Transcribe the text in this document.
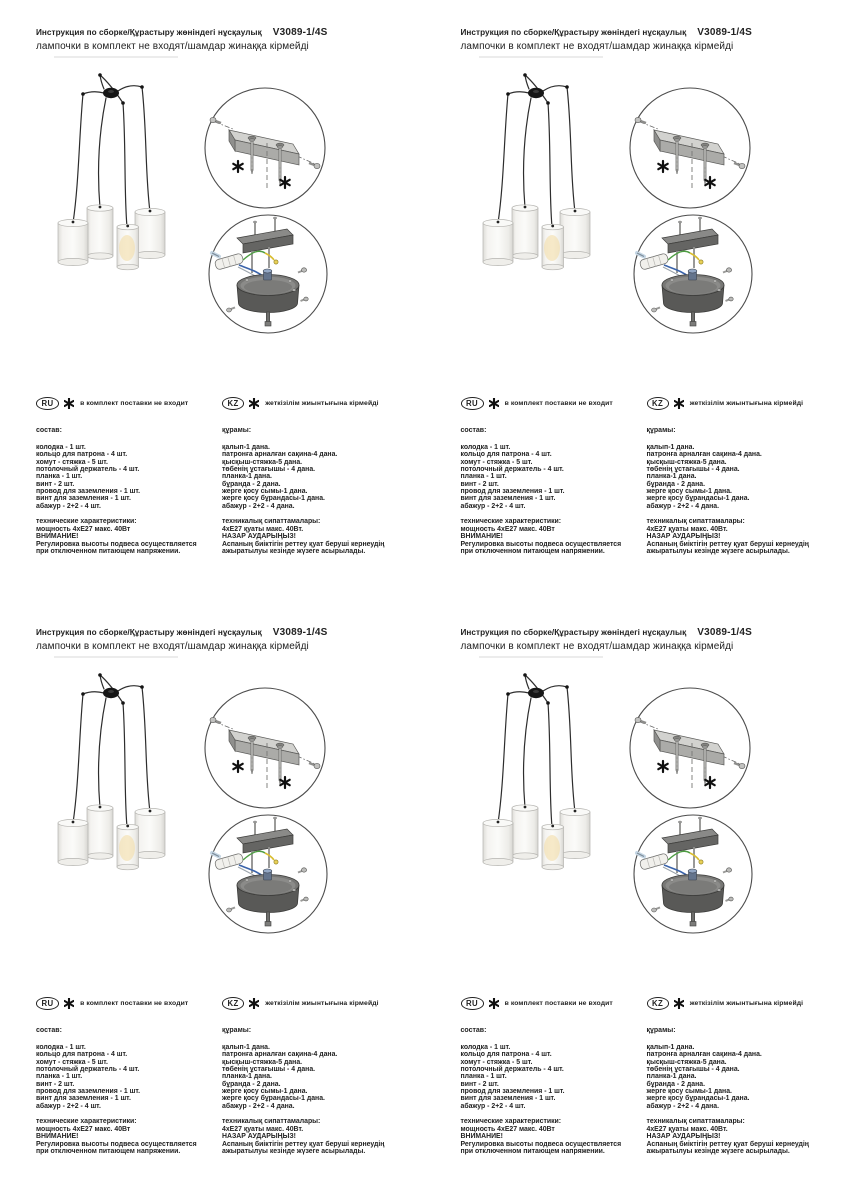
Инструкция по сборке/Құрастыру жөніндегі нұсқаулық V3089-1/4S
лампочки в комплект не входят/шамдар жинаққа кірмейді
RU	в комплект поставки не входит
состав:
колодка - 1 шт.
кольцо для патрона - 4 шт.
хомут - стяжка - 5 шт.
потолочный держатель - 4 шт.
планка - 1 шт.
винт - 2 шт.
провод для заземления - 1 шт.
винт для заземления - 1 шт.
абажур - 2+2 - 4 шт.
технические характеристики:
мощность 4хЕ27 макс. 40Вт
ВНИМАНИЕ!
Регулировка высоты подвеса осуществляется
при отключенном питающем напряжении.
KZ	жеткізілім жиынтығына кірмейді
құрамы:
қалып-1 дана.
патронға арналған сақина-4 дана.
қысқыш-стяжка-5 дана.
төбенің ұстағышы - 4 дана.
планка-1 дана.
бұранда - 2 дана.
жерге қосу сымы-1 дана.
жерге қосу бұрандасы-1 дана.
абажур - 2+2 - 4 дана.
техникалық сипаттамалары:
4хЕ27 қуаты макс. 40Вт.
НАЗАР АУДАРЫҢЫЗ!
Аспаның биіктігін реттеу қуат беруші кернеудің
ажыратылуы кезінде жүзеге асырылады.
Инструкция по сборке/Құрастыру жөніндегі нұсқаулық V3089-1/4S
лампочки в комплект не входят/шамдар жинаққа кірмейді
RU	в комплект поставки не входит
состав:
колодка - 1 шт.
кольцо для патрона - 4 шт.
хомут - стяжка - 5 шт.
потолочный держатель - 4 шт.
планка - 1 шт.
винт - 2 шт.
провод для заземления - 1 шт.
винт для заземления - 1 шт.
абажур - 2+2 - 4 шт.
технические характеристики:
мощность 4хЕ27 макс. 40Вт
ВНИМАНИЕ!
Регулировка высоты подвеса осуществляется
при отключенном питающем напряжении.
KZ	жеткізілім жиынтығына кірмейді
құрамы:
қалып-1 дана.
патронға арналған сақина-4 дана.
қысқыш-стяжка-5 дана.
төбенің ұстағышы - 4 дана.
планка-1 дана.
бұранда - 2 дана.
жерге қосу сымы-1 дана.
жерге қосу бұрандасы-1 дана.
абажур - 2+2 - 4 дана.
техникалық сипаттамалары:
4хЕ27 қуаты макс. 40Вт.
НАЗАР АУДАРЫҢЫЗ!
Аспаның биіктігін реттеу қуат беруші кернеудің
ажыратылуы кезінде жүзеге асырылады.
Инструкция по сборке/Құрастыру жөніндегі нұсқаулық V3089-1/4S
лампочки в комплект не входят/шамдар жинаққа кірмейді
RU	в комплект поставки не входит
состав:
колодка - 1 шт.
кольцо для патрона - 4 шт.
хомут - стяжка - 5 шт.
потолочный держатель - 4 шт.
планка - 1 шт.
винт - 2 шт.
провод для заземления - 1 шт.
винт для заземления - 1 шт.
абажур - 2+2 - 4 шт.
технические характеристики:
мощность 4хЕ27 макс. 40Вт
ВНИМАНИЕ!
Регулировка высоты подвеса осуществляется
при отключенном питающем напряжении.
KZ	жеткізілім жиынтығына кірмейді
құрамы:
қалып-1 дана.
патронға арналған сақина-4 дана.
қысқыш-стяжка-5 дана.
төбенің ұстағышы - 4 дана.
планка-1 дана.
бұранда - 2 дана.
жерге қосу сымы-1 дана.
жерге қосу бұрандасы-1 дана.
абажур - 2+2 - 4 дана.
техникалық сипаттамалары:
4хЕ27 қуаты макс. 40Вт.
НАЗАР АУДАРЫҢЫЗ!
Аспаның биіктігін реттеу қуат беруші кернеудің
ажыратылуы кезінде жүзеге асырылады.
Инструкция по сборке/Құрастыру жөніндегі нұсқаулық V3089-1/4S
лампочки в комплект не входят/шамдар жинаққа кірмейді
RU	в комплект поставки не входит
состав:
колодка - 1 шт.
кольцо для патрона - 4 шт.
хомут - стяжка - 5 шт.
потолочный держатель - 4 шт.
планка - 1 шт.
винт - 2 шт.
провод для заземления - 1 шт.
винт для заземления - 1 шт.
абажур - 2+2 - 4 шт.
технические характеристики:
мощность 4хЕ27 макс. 40Вт
ВНИМАНИЕ!
Регулировка высоты подвеса осуществляется
при отключенном питающем напряжении.
KZ	жеткізілім жиынтығына кірмейді
құрамы:
қалып-1 дана.
патронға арналған сақина-4 дана.
қысқыш-стяжка-5 дана.
төбенің ұстағышы - 4 дана.
планка-1 дана.
бұранда - 2 дана.
жерге қосу сымы-1 дана.
жерге қосу бұрандасы-1 дана.
абажур - 2+2 - 4 дана.
техникалық сипаттамалары:
4хЕ27 қуаты макс. 40Вт.
НАЗАР АУДАРЫҢЫЗ!
Аспаның биіктігін реттеу қуат беруші кернеудің
ажыратылуы кезінде жүзеге асырылады.
